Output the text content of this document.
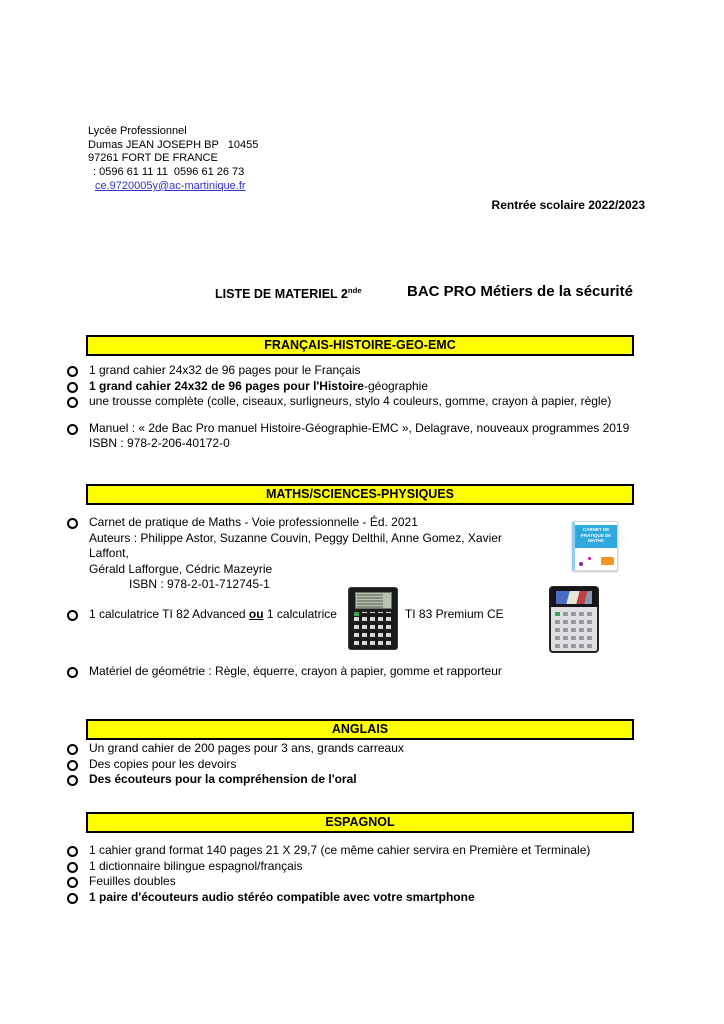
Lycée Professionnel
Dumas JEAN JOSEPH BP   10455
97261 FORT DE FRANCE
: 0596 61 11 11  0596 61 26 73
ce.9720005y@ac-martinique.fr
Rentrée scolaire 2022/2023
LISTE DE MATERIEL 2nde	BAC PRO Métiers de la sécurité
FRANÇAIS-HISTOIRE-GEO-EMC
1 grand cahier 24x32 de 96 pages pour le Français
1 grand cahier 24x32 de 96 pages pour l'Histoire-géographie
une trousse complète (colle, ciseaux, surligneurs, stylo 4 couleurs, gomme, crayon à papier, règle)
Manuel : « 2de Bac Pro manuel Histoire-Géographie-EMC », Delagrave, nouveaux programmes 2019
ISBN : 978-2-206-40172-0
MATHS/SCIENCES-PHYSIQUES
Carnet de pratique de Maths - Voie professionnelle - Éd. 2021
Auteurs : Philippe Astor, Suzanne Couvin, Peggy Delthil, Anne Gomez, Xavier
Laffont,
Gérald Lafforgue, Cédric Mazeyrie
ISBN : 978-2-01-712745-1
1 calculatrice TI 82 Advanced ou 1 calculatrice	TI 83 Premium CE
Matériel de géométrie : Règle, équerre, crayon à papier, gomme et rapporteur
ANGLAIS
Un grand cahier de 200 pages pour 3 ans, grands carreaux
Des copies pour les devoirs
Des écouteurs pour la compréhension de l'oral
ESPAGNOL
1 cahier grand format 140 pages 21 X 29,7 (ce même cahier servira en Première et Terminale)
1 dictionnaire bilingue espagnol/français
Feuilles doubles
1 paire d'écouteurs audio stéréo compatible avec votre smartphone
CARNET DE
PRATIQUE DE
MATHS
